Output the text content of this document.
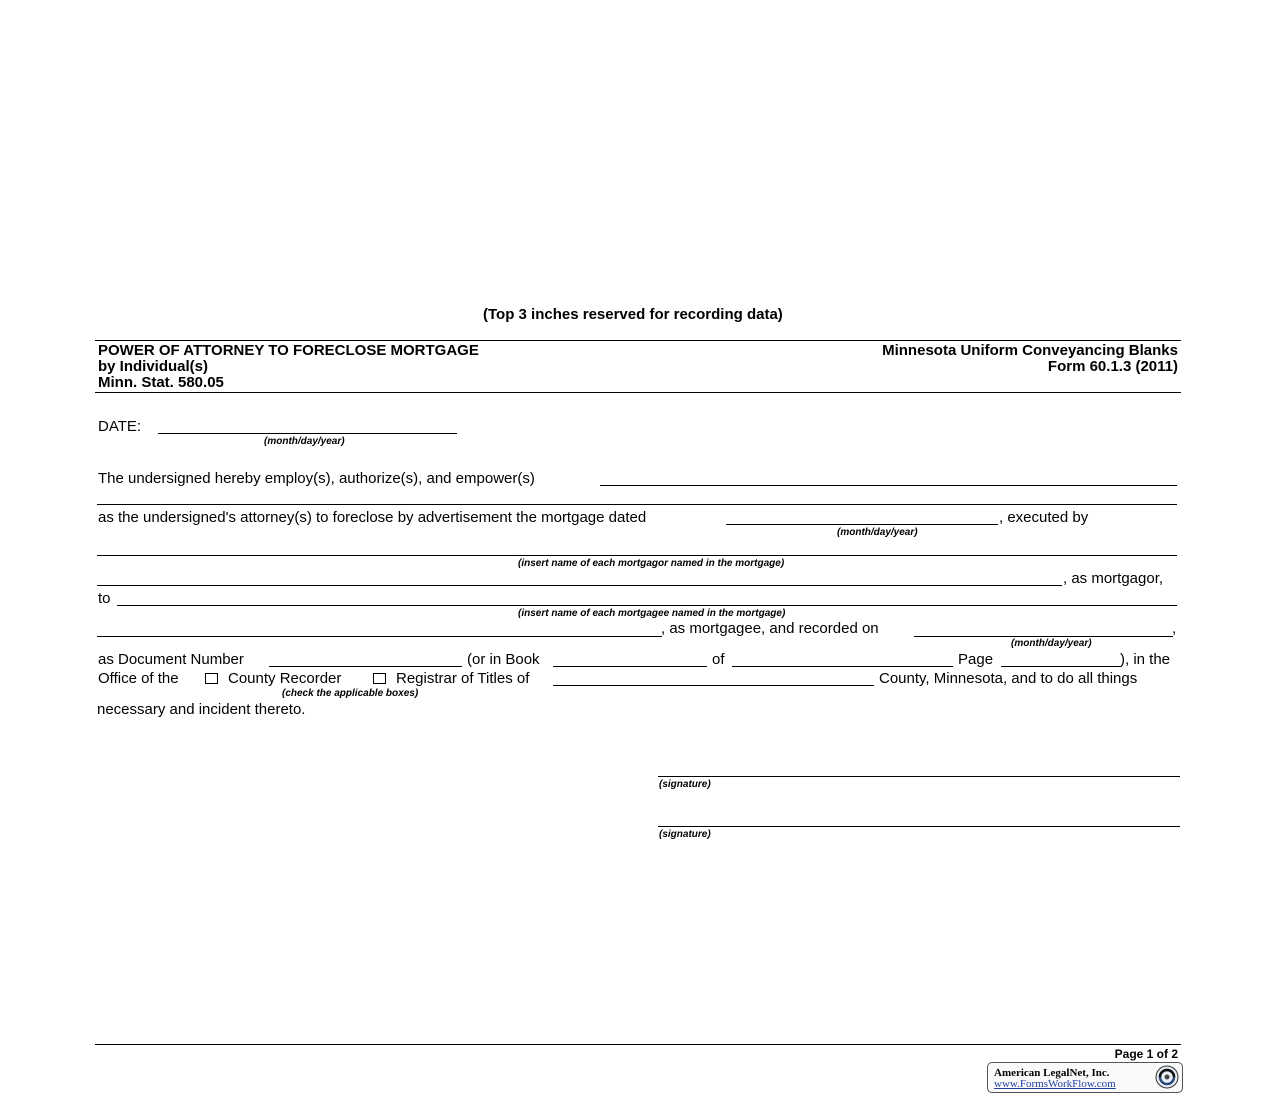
(Top 3 inches reserved for recording data)
POWER OF ATTORNEY TO FORECLOSE MORTGAGE
by Individual(s)
Minn. Stat. 580.05
Minnesota Uniform Conveyancing Blanks
Form 60.1.3 (2011)
DATE:
(month/day/year)
The undersigned hereby employ(s), authorize(s), and empower(s)
as the undersigned's attorney(s) to foreclose by advertisement the mortgage dated	, executed by
(month/day/year)
(insert name of each mortgagor named in the mortgage)
, as mortgagor,
to
(insert name of each mortgagee named in the mortgage)
, as mortgagee, and recorded on	,
(month/day/year)
as Document Number	(or in Book	of	Page	), in the
Office of the	County Recorder	Registrar of Titles of	County, Minnesota, and to do all things
(check the applicable boxes)
necessary and incident thereto.
(signature)
(signature)
Page 1 of 2
American LegalNet, Inc.
www.FormsWorkFlow.com
